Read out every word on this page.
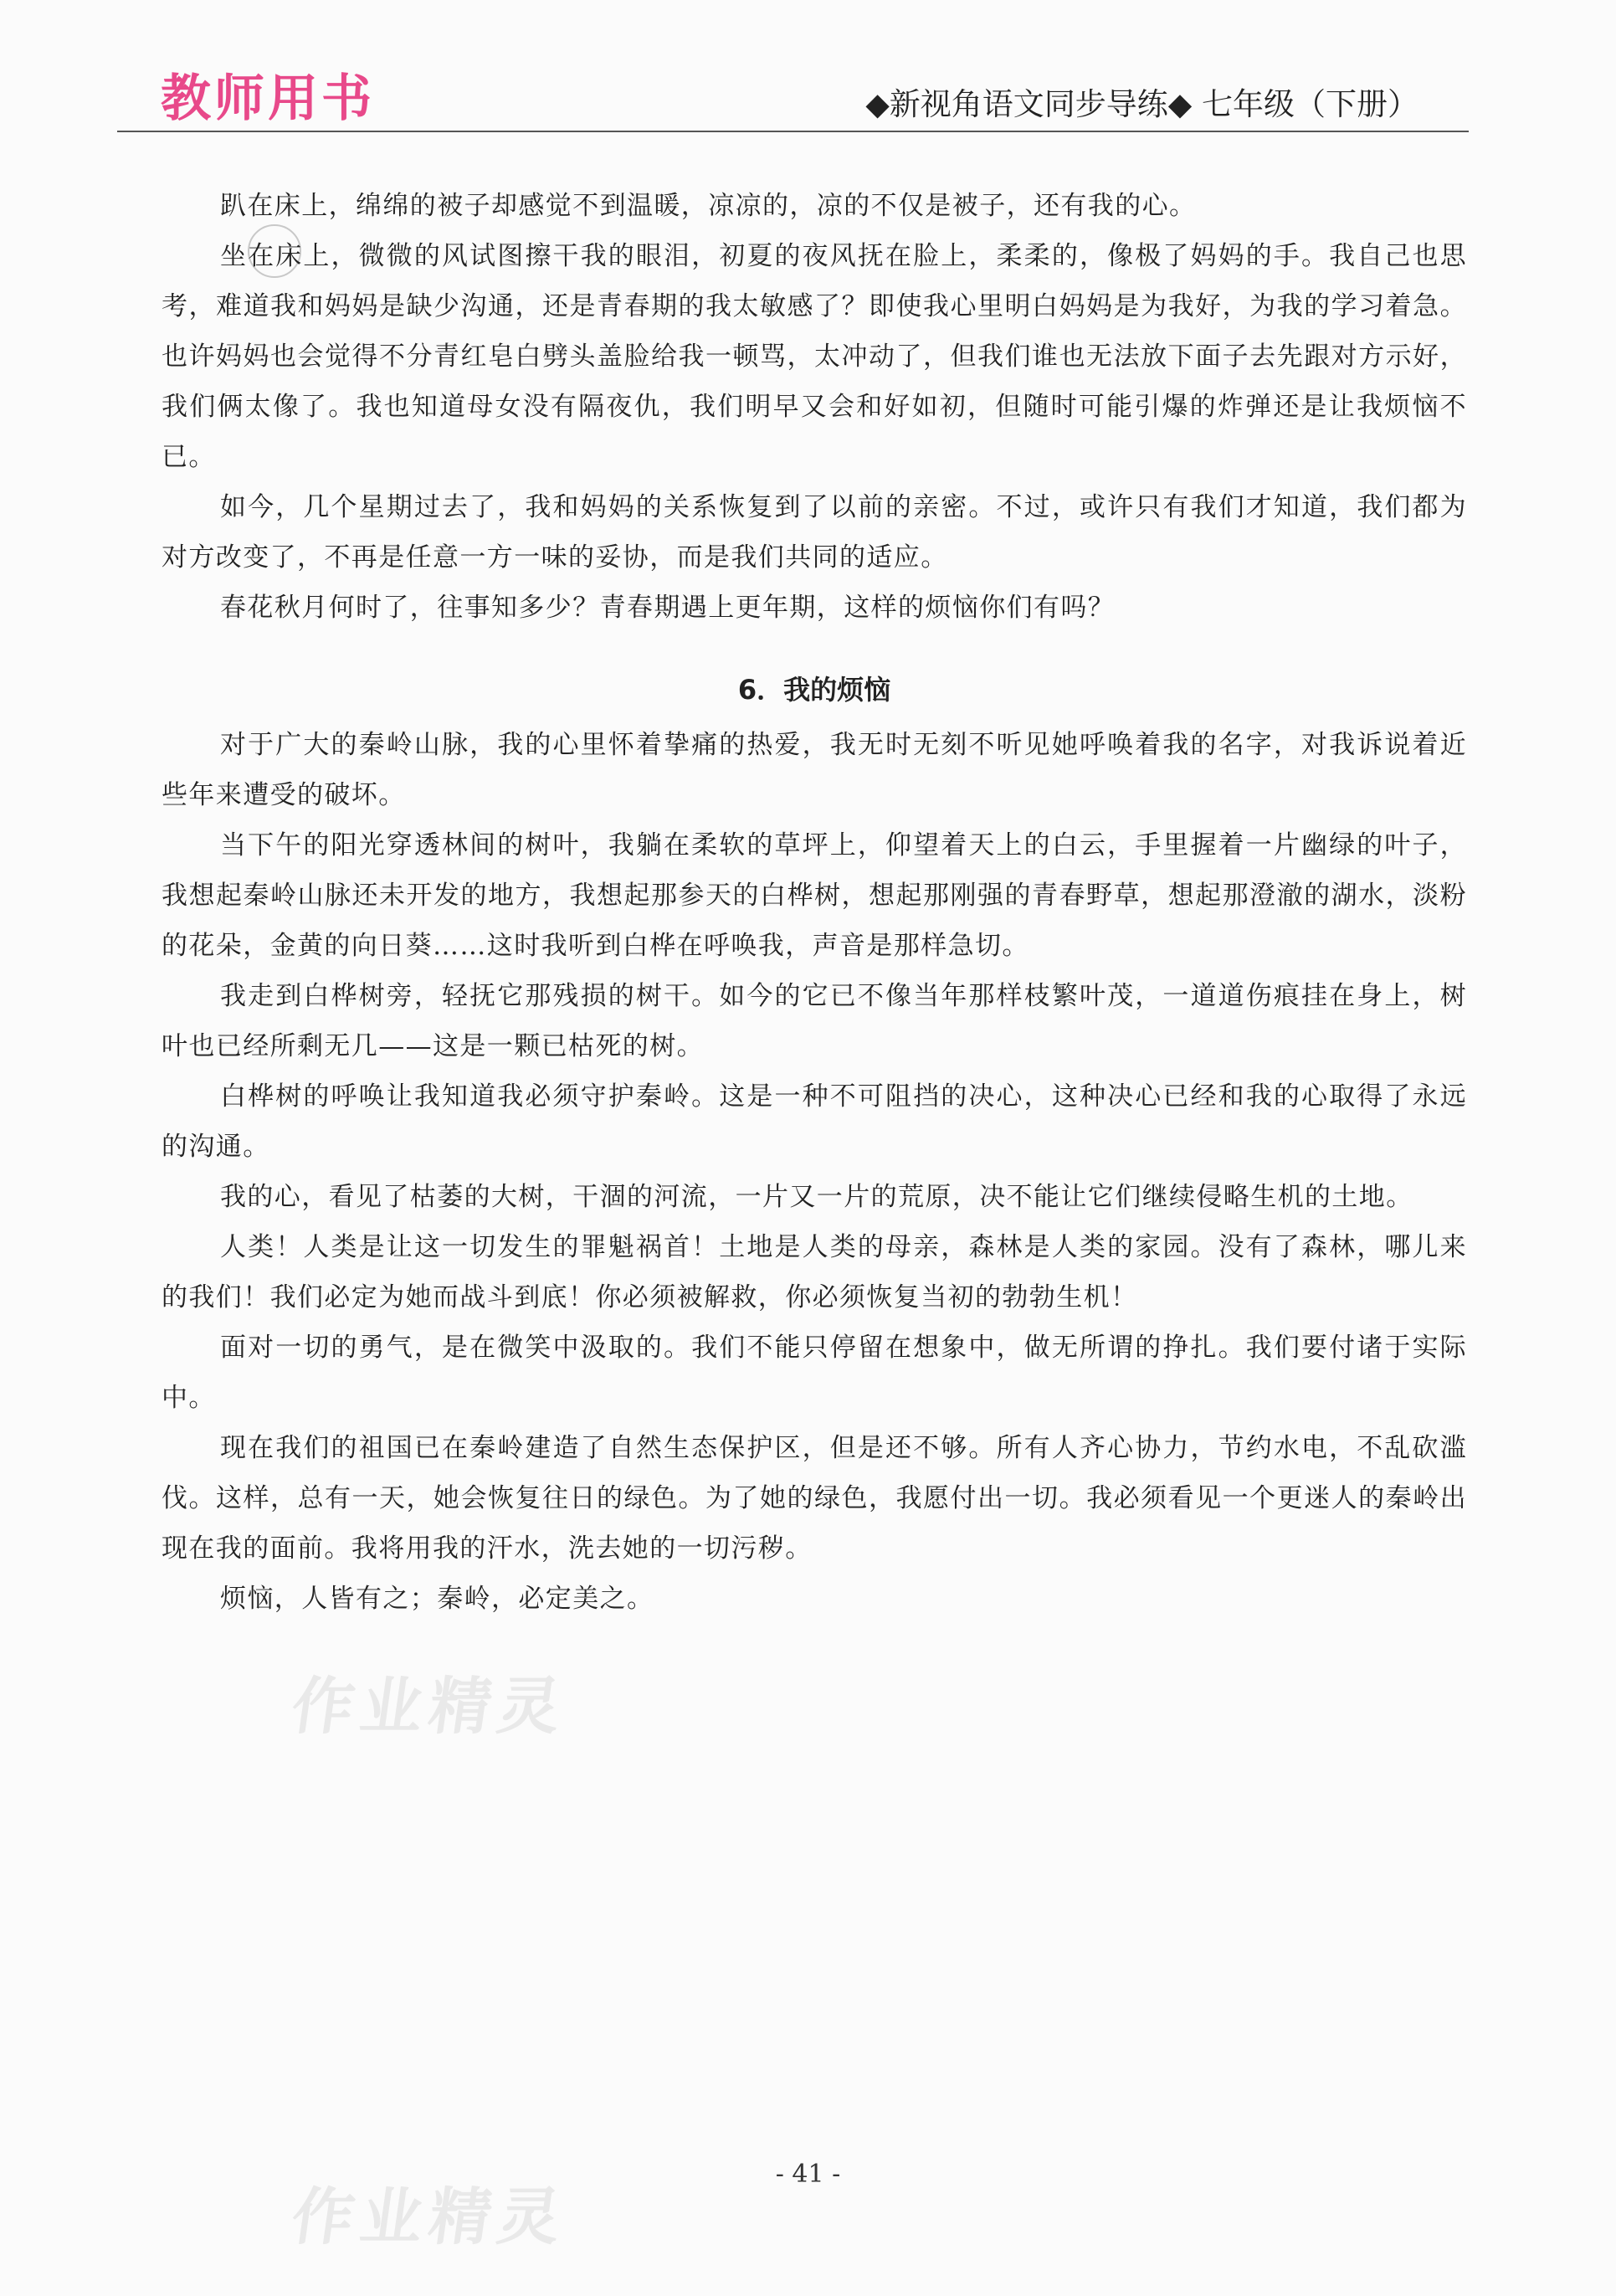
教师用书	◆新视角语文同步导练◆ 七年级（下册）

趴在床上，绵绵的被子却感觉不到温暖，凉凉的，凉的不仅是被子，还有我的心。

坐在床上，微微的风试图擦干我的眼泪，初夏的夜风抚在脸上，柔柔的，像极了妈妈的手。我自己也思考，难道我和妈妈是缺少沟通，还是青春期的我太敏感了？即使我心里明白妈妈是为我好，为我的学习着急。也许妈妈也会觉得不分青红皂白劈头盖脸给我一顿骂，太冲动了，但我们谁也无法放下面子去先跟对方示好，我们俩太像了。我也知道母女没有隔夜仇，我们明早又会和好如初，但随时可能引爆的炸弹还是让我烦恼不已。

如今，几个星期过去了，我和妈妈的关系恢复到了以前的亲密。不过，或许只有我们才知道，我们都为对方改变了，不再是任意一方一味的妥协，而是我们共同的适应。

春花秋月何时了，往事知多少？青春期遇上更年期，这样的烦恼你们有吗？

6．我的烦恼

对于广大的秦岭山脉，我的心里怀着挚痛的热爱，我无时无刻不听见她呼唤着我的名字，对我诉说着近些年来遭受的破坏。

当下午的阳光穿透林间的树叶，我躺在柔软的草坪上，仰望着天上的白云，手里握着一片幽绿的叶子，我想起秦岭山脉还未开发的地方，我想起那参天的白桦树，想起那刚强的青春野草，想起那澄澈的湖水，淡粉的花朵，金黄的向日葵……这时我听到白桦在呼唤我，声音是那样急切。

我走到白桦树旁，轻抚它那残损的树干。如今的它已不像当年那样枝繁叶茂，一道道伤痕挂在身上，树叶也已经所剩无几——这是一颗已枯死的树。

白桦树的呼唤让我知道我必须守护秦岭。这是一种不可阻挡的决心，这种决心已经和我的心取得了永远的沟通。

我的心，看见了枯萎的大树，干涸的河流，一片又一片的荒原，决不能让它们继续侵略生机的土地。

人类！人类是让这一切发生的罪魁祸首！土地是人类的母亲，森林是人类的家园。没有了森林，哪儿来的我们！我们必定为她而战斗到底！你必须被解救，你必须恢复当初的勃勃生机！

面对一切的勇气，是在微笑中汲取的。我们不能只停留在想象中，做无所谓的挣扎。我们要付诸于实际中。

现在我们的祖国已在秦岭建造了自然生态保护区，但是还不够。所有人齐心协力，节约水电，不乱砍滥伐。这样，总有一天，她会恢复往日的绿色。为了她的绿色，我愿付出一切。我必须看见一个更迷人的秦岭出现在我的面前。我将用我的汗水，洗去她的一切污秽。

烦恼，人皆有之；秦岭，必定美之。

作业精灵
作业精灵
- 41 -
